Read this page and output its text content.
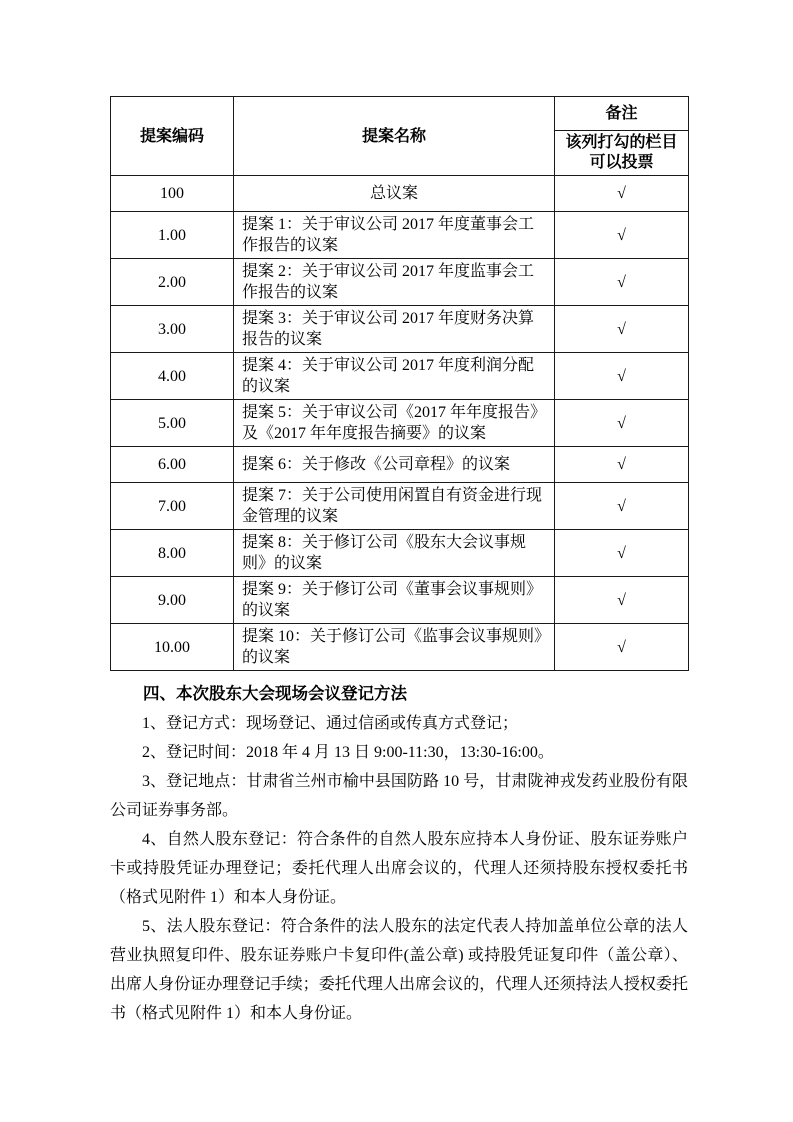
提案编码	提案名称	备注
		该列打勾的栏目可以投票
100	总议案	√
1.00	提案 1：关于审议公司 2017 年度董事会工作报告的议案	√
2.00	提案 2：关于审议公司 2017 年度监事会工作报告的议案	√
3.00	提案 3：关于审议公司 2017 年度财务决算报告的议案	√
4.00	提案 4：关于审议公司 2017 年度利润分配的议案	√
5.00	提案 5：关于审议公司《2017 年年度报告》及《2017 年年度报告摘要》的议案	√
6.00	提案 6：关于修改《公司章程》的议案	√
7.00	提案 7：关于公司使用闲置自有资金进行现金管理的议案	√
8.00	提案 8：关于修订公司《股东大会议事规则》的议案	√
9.00	提案 9：关于修订公司《董事会议事规则》的议案	√
10.00	提案 10：关于修订公司《监事会议事规则》的议案	√
四、本次股东大会现场会议登记方法

1、登记方式：现场登记、通过信函或传真方式登记；

2、登记时间：2018 年 4 月 13 日 9:00-11:30，13:30-16:00。

3、登记地点：甘肃省兰州市榆中县国防路 10 号，甘肃陇神戎发药业股份有限公司证券事务部。

4、自然人股东登记：符合条件的自然人股东应持本人身份证、股东证券账户卡或持股凭证办理登记；委托代理人出席会议的，代理人还须持股东授权委托书（格式见附件 1）和本人身份证。

5、法人股东登记：符合条件的法人股东的法定代表人持加盖单位公章的法人营业执照复印件、股东证券账户卡复印件(盖公章) 或持股凭证复印件（盖公章）、出席人身份证办理登记手续；委托代理人出席会议的，代理人还须持法人授权委托书（格式见附件 1）和本人身份证。
